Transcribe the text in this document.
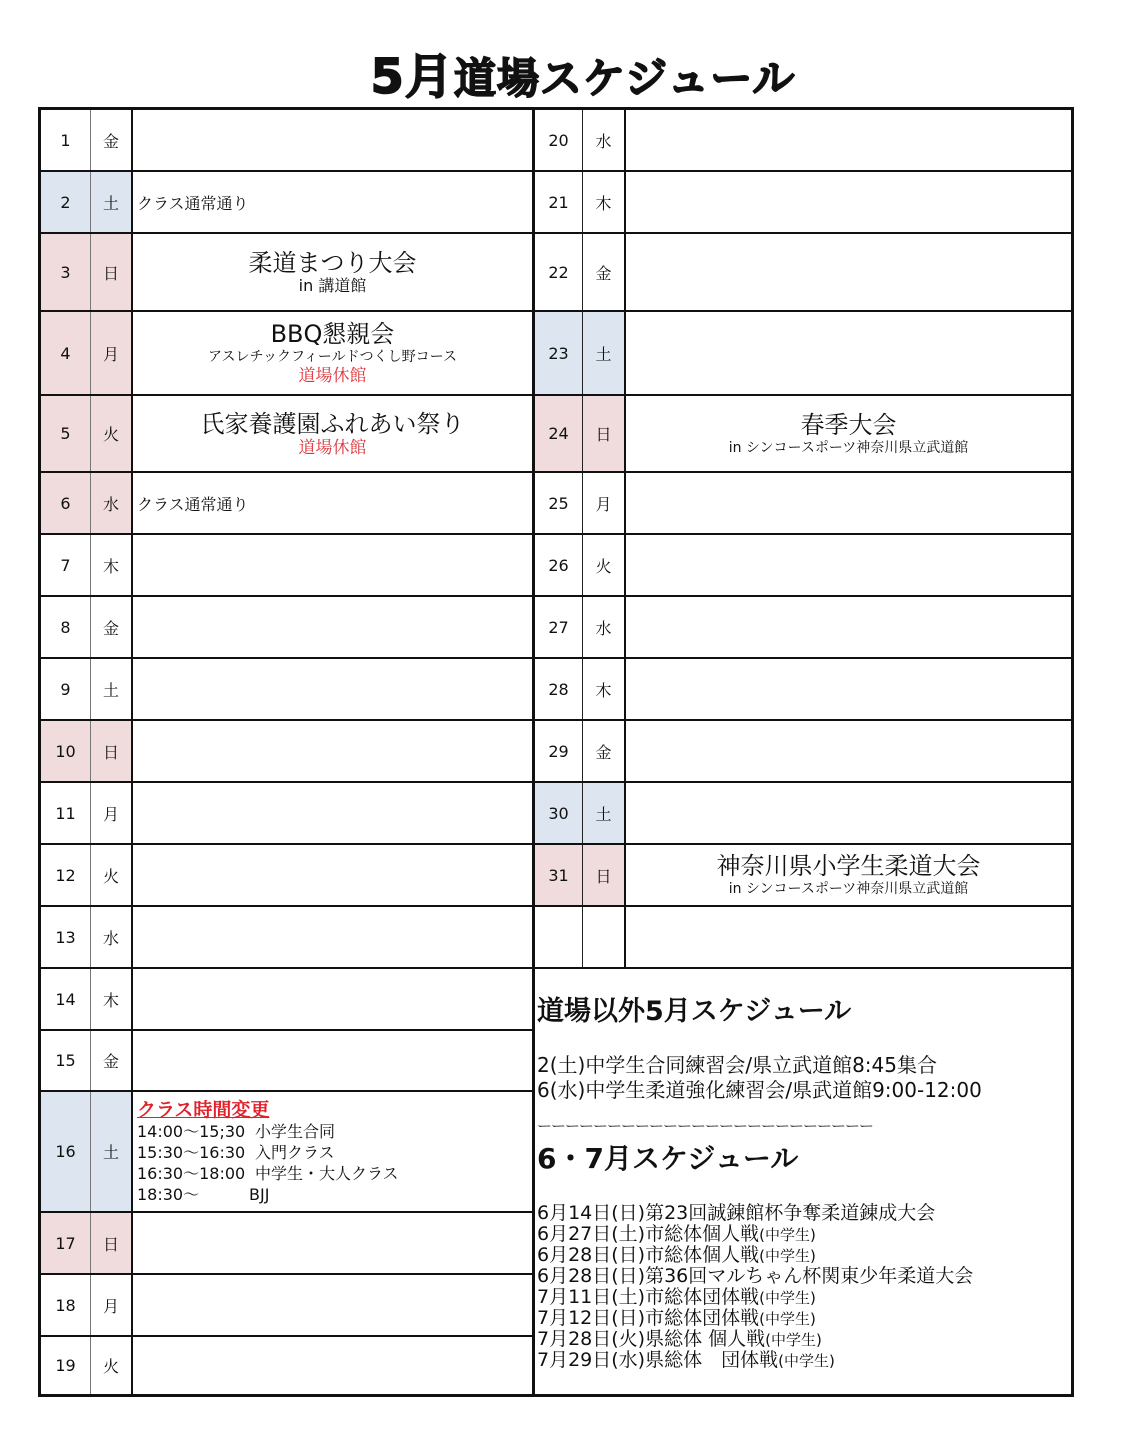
5月道場スケジュール
1	金
2	土	クラス通常通り
3	日	柔道まつり大会
in 講道館
4	月
BBQ懇親会
アスレチックフィールドつくし野コース
道場休館
5	火	氏家養護園ふれあい祭り
道場休館
6	水	クラス通常通り
7	木
8	金
9	土
10	日
11	月
12	火
13	水
14	木
15	金
16	土
クラス時間変更
14:00〜15;30 小学生合同
15:30〜16:30 入門クラス
16:30〜18:00 中学生・大人クラス
18:30〜	BJJ
17	日
18	月
19	火
20	水
21	木
22	金
23	土
24	日	春季大会
in シンコースポーツ神奈川県立武道館
25	月
26	火
27	水
28	木
29	金
30	土
31	日	神奈川県小学生柔道大会
in シンコースポーツ神奈川県立武道館
道場以外5月スケジュール
2(土)中学生合同練習会/県立武道館8:45集合
6(水)中学生柔道強化練習会/県武道館9:00-12:00
ーーーーーーーーーーーーーーーーーーーーーーーー
6・7月スケジュール
6月14日(日)第23回誠錬館杯争奪柔道錬成大会
6月27日(土)市総体個人戦(中学生)
6月28日(日)市総体個人戦(中学生)
6月28日(日)第36回マルちゃん杯関東少年柔道大会
7月11日(土)市総体団体戦(中学生)
7月12日(日)市総体団体戦(中学生)
7月28日(火)県総体 個人戦(中学生)
7月29日(水)県総体　団体戦(中学生)
